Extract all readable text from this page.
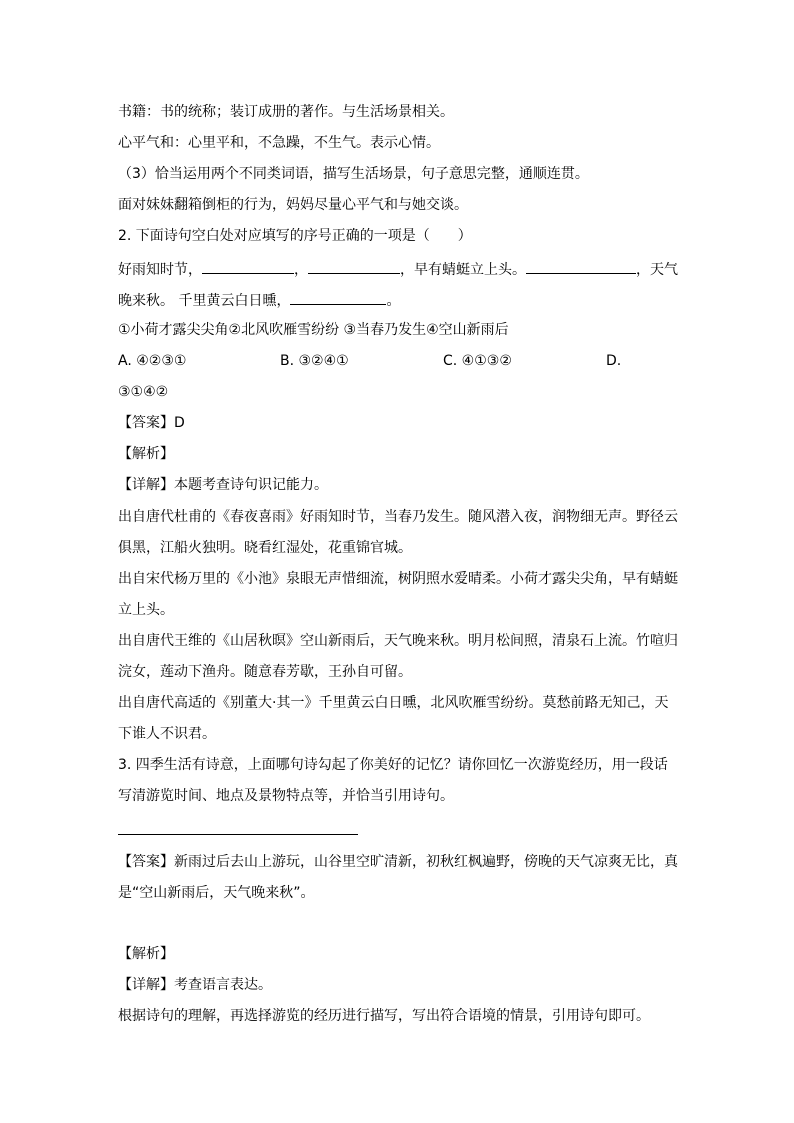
书籍：书的统称；装订成册的著作。与生活场景相关。
心平气和：心里平和，不急躁，不生气。表示心情。
（3）恰当运用两个不同类词语，描写生活场景，句子意思完整，通顺连贯。
面对妹妹翻箱倒柜的行为，妈妈尽量心平气和与她交谈。
2. 下面诗句空白处对应填写的序号正确的一项是（　　）
好雨知时节，	，	，早有蜻蜓立上头。	，天气
晚来秋。 千里黄云白日曛，	。
①小荷才露尖尖角②北风吹雁雪纷纷 ③当春乃发生④空山新雨后
A. ④②③①	B. ③②④①	C. ④①③②	D.
③①④②
【答案】D
【解析】
【详解】本题考查诗句识记能力。
出自唐代杜甫的《春夜喜雨》好雨知时节，当春乃发生。随风潜入夜，润物细无声。野径云
俱黑，江船火独明。晓看红湿处，花重锦官城。
出自宋代杨万里的《小池》泉眼无声惜细流，树阴照水爱晴柔。小荷才露尖尖角，早有蜻蜓
立上头。
出自唐代王维的《山居秋暝》空山新雨后，天气晚来秋。明月松间照，清泉石上流。竹喧归
浣女，莲动下渔舟。随意春芳歇，王孙自可留。
出自唐代高适的《别董大·其一》千里黄云白日曛，北风吹雁雪纷纷。莫愁前路无知己，天
下谁人不识君。
3. 四季生活有诗意，上面哪句诗勾起了你美好的记忆？请你回忆一次游览经历，用一段话
写清游览时间、地点及景物特点等，并恰当引用诗句。
【答案】新雨过后去山上游玩，山谷里空旷清新，初秋红枫遍野，傍晚的天气凉爽无比，真
是“空山新雨后，天气晚来秋”。
【解析】
【详解】考查语言表达。
根据诗句的理解，再选择游览的经历进行描写，写出符合语境的情景，引用诗句即可。
